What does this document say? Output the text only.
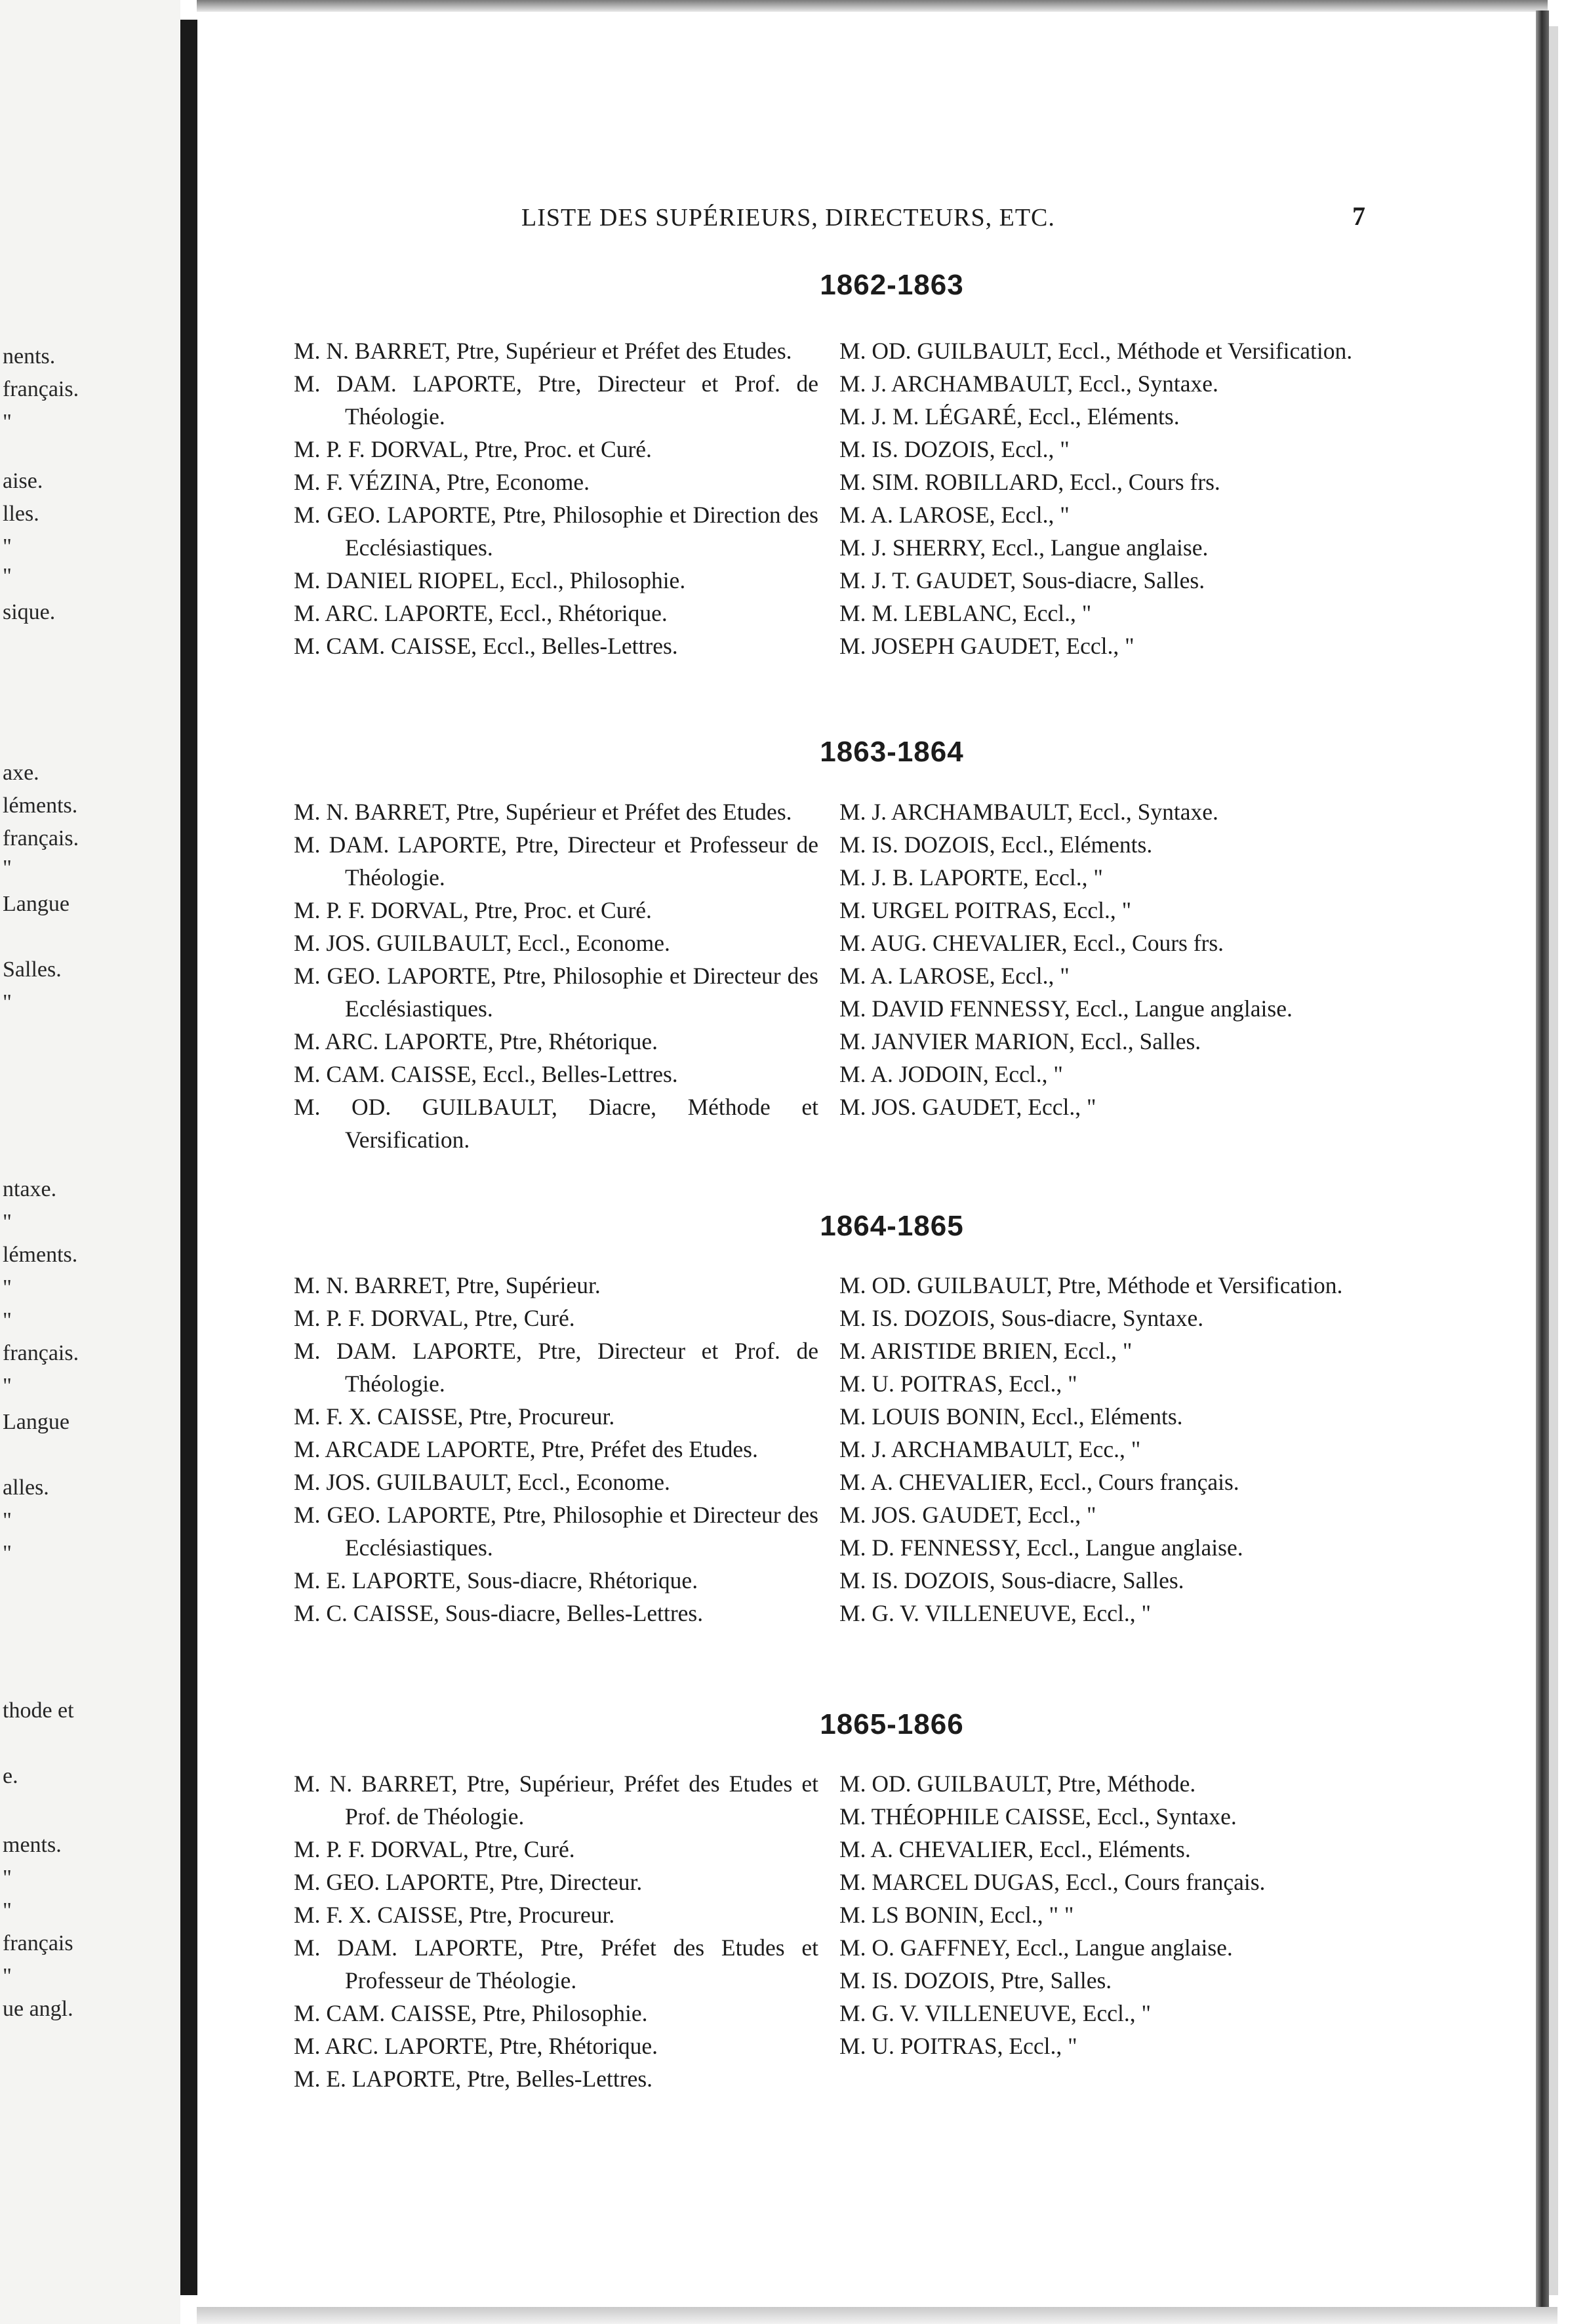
nents.
français.
"
aise.
lles.
"
"
sique.
axe.
léments.
français.
"
Langue
Salles.
"
ntaxe.
"
léments.
"
"
français.
"
Langue
alles.
"
"
thode et
e.
ments.
"
"
français
"
ue angl.
LISTE DES SUPÉRIEURS, DIRECTEURS, ETC.	7
1862-1863

M. N. BARRET, Ptre, Supérieur et Préfet des Etudes.

M. DAM. LAPORTE, Ptre, Directeur et Prof. de Théologie.

M. P. F. DORVAL, Ptre, Proc. et Curé.

M. F. VÉZINA, Ptre, Econome.

M. GEO. LAPORTE, Ptre, Philosophie et Direction des Ecclésiastiques.

M. DANIEL RIOPEL, Eccl., Philosophie.

M. ARC. LAPORTE, Eccl., Rhétorique.

M. CAM. CAISSE, Eccl., Belles-Lettres.

M. OD. GUILBAULT, Eccl., Méthode et Versification.

M. J. ARCHAMBAULT, Eccl., Syntaxe.

M. J. M. LÉGARÉ, Eccl., Eléments.

M. IS. DOZOIS, Eccl., "

M. SIM. ROBILLARD, Eccl., Cours frs.

M. A. LAROSE, Eccl., "

M. J. SHERRY, Eccl., Langue anglaise.

M. J. T. GAUDET, Sous-diacre, Salles.

M. M. LEBLANC, Eccl., "

M. JOSEPH GAUDET, Eccl., "

1863-1864

M. N. BARRET, Ptre, Supérieur et Préfet des Etudes.

M. DAM. LAPORTE, Ptre, Directeur et Professeur de Théologie.

M. P. F. DORVAL, Ptre, Proc. et Curé.

M. JOS. GUILBAULT, Eccl., Econome.

M. GEO. LAPORTE, Ptre, Philosophie et Directeur des Ecclésiastiques.

M. ARC. LAPORTE, Ptre, Rhétorique.

M. CAM. CAISSE, Eccl., Belles-Lettres.

M. OD. GUILBAULT, Diacre, Méthode et Versification.

M. J. ARCHAMBAULT, Eccl., Syntaxe.

M. IS. DOZOIS, Eccl., Eléments.

M. J. B. LAPORTE, Eccl., "

M. URGEL POITRAS, Eccl., "

M. AUG. CHEVALIER, Eccl., Cours frs.

M. A. LAROSE, Eccl., "

M. DAVID FENNESSY, Eccl., Langue anglaise.

M. JANVIER MARION, Eccl., Salles.

M. A. JODOIN, Eccl., "

M. JOS. GAUDET, Eccl., "

1864-1865

M. N. BARRET, Ptre, Supérieur.

M. P. F. DORVAL, Ptre, Curé.

M. DAM. LAPORTE, Ptre, Directeur et Prof. de Théologie.

M. F. X. CAISSE, Ptre, Procureur.

M. ARCADE LAPORTE, Ptre, Préfet des Etudes.

M. JOS. GUILBAULT, Eccl., Econome.

M. GEO. LAPORTE, Ptre, Philosophie et Directeur des Ecclésiastiques.

M. E. LAPORTE, Sous-diacre, Rhétorique.

M. C. CAISSE, Sous-diacre, Belles-Lettres.

M. OD. GUILBAULT, Ptre, Méthode et Versification.

M. IS. DOZOIS, Sous-diacre, Syntaxe.

M. ARISTIDE BRIEN, Eccl., "

M. U. POITRAS, Eccl., "

M. LOUIS BONIN, Eccl., Eléments.

M. J. ARCHAMBAULT, Ecc., "

M. A. CHEVALIER, Eccl., Cours français.

M. JOS. GAUDET, Eccl., "

M. D. FENNESSY, Eccl., Langue anglaise.

M. IS. DOZOIS, Sous-diacre, Salles.

M. G. V. VILLENEUVE, Eccl., "

1865-1866

M. N. BARRET, Ptre, Supérieur, Préfet des Etudes et Prof. de Théologie.

M. P. F. DORVAL, Ptre, Curé.

M. GEO. LAPORTE, Ptre, Directeur.

M. F. X. CAISSE, Ptre, Procureur.

M. DAM. LAPORTE, Ptre, Préfet des Etudes et Professeur de Théologie.

M. CAM. CAISSE, Ptre, Philosophie.

M. ARC. LAPORTE, Ptre, Rhétorique.

M. E. LAPORTE, Ptre, Belles-Lettres.

M. OD. GUILBAULT, Ptre, Méthode.

M. THÉOPHILE CAISSE, Eccl., Syntaxe.

M. A. CHEVALIER, Eccl., Eléments.

M. MARCEL DUGAS, Eccl., Cours français.

M. LS BONIN, Eccl., " "

M. O. GAFFNEY, Eccl., Langue anglaise.

M. IS. DOZOIS, Ptre, Salles.

M. G. V. VILLENEUVE, Eccl., "

M. U. POITRAS, Eccl., "
